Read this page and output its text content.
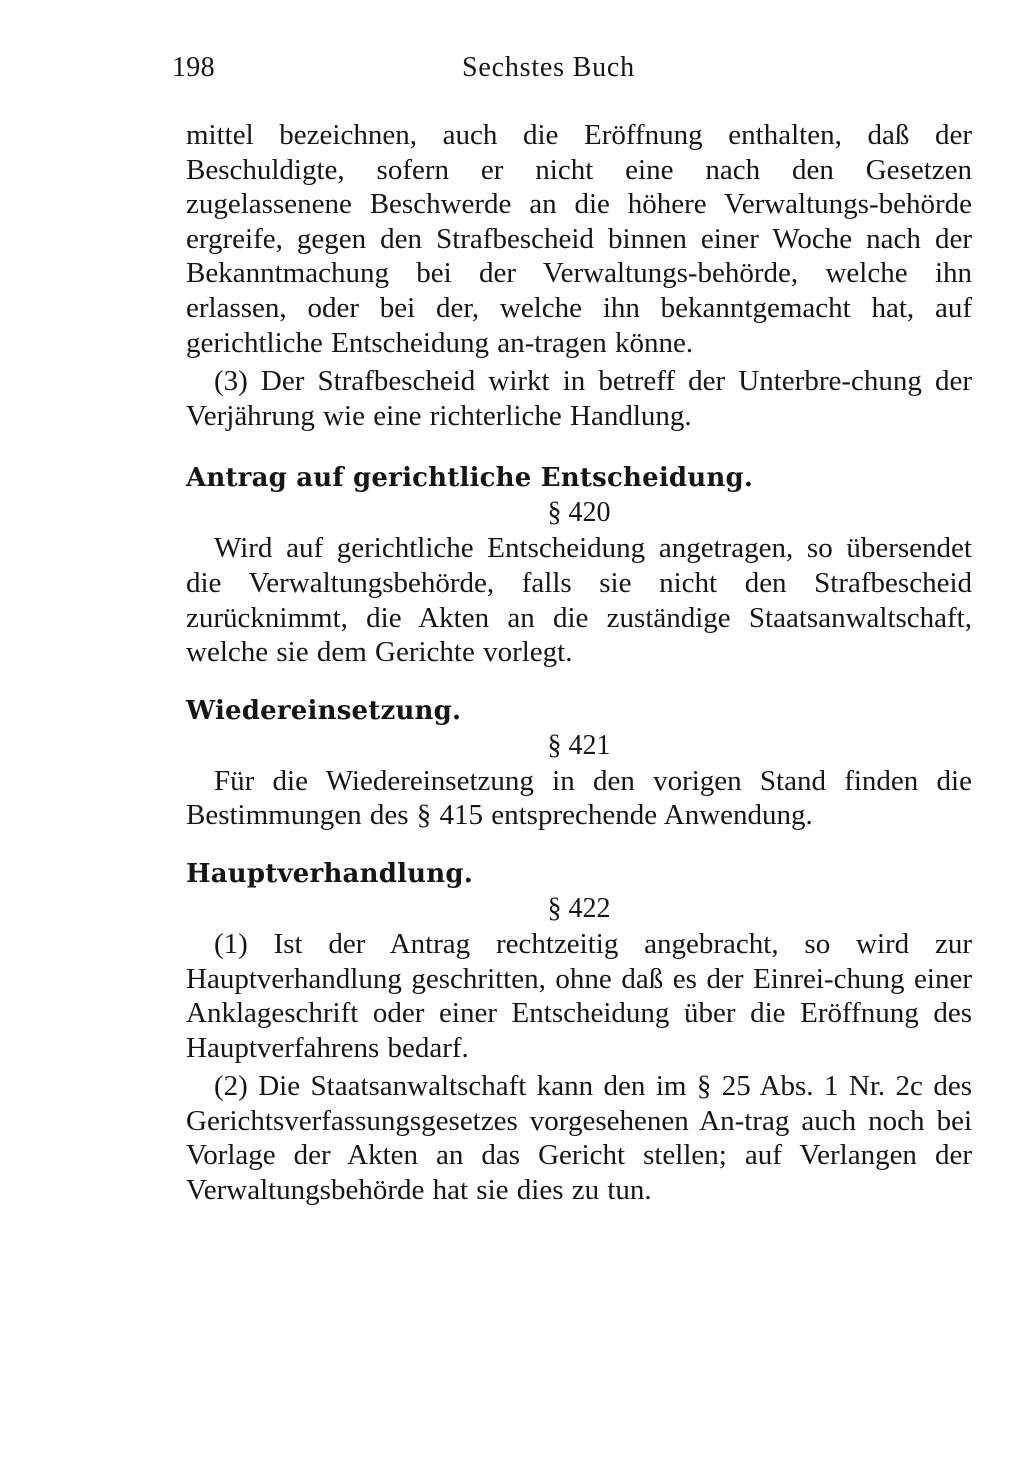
198	Sechstes Buch

mittel bezeichnen, auch die Eröffnung enthalten, daß der Beschuldigte, sofern er nicht eine nach den Gesetzen zugelassenene Beschwerde an die höhere Verwaltungs-behörde ergreife, gegen den Strafbescheid binnen einer Woche nach der Bekanntmachung bei der Verwaltungs-behörde, welche ihn erlassen, oder bei der, welche ihn bekanntgemacht hat, auf gerichtliche Entscheidung an-tragen könne.

(3) Der Strafbescheid wirkt in betreff der Unterbre-chung der Verjährung wie eine richterliche Handlung.

Antrag auf gerichtliche Entscheidung.

§ 420

Wird auf gerichtliche Entscheidung angetragen, so übersendet die Verwaltungsbehörde, falls sie nicht den Strafbescheid zurücknimmt, die Akten an die zuständige Staatsanwaltschaft, welche sie dem Gerichte vorlegt.

Wiedereinsetzung.

§ 421

Für die Wiedereinsetzung in den vorigen Stand finden die Bestimmungen des § 415 entsprechende Anwendung.

Hauptverhandlung.

§ 422

(1) Ist der Antrag rechtzeitig angebracht, so wird zur Hauptverhandlung geschritten, ohne daß es der Einrei-chung einer Anklageschrift oder einer Entscheidung über die Eröffnung des Hauptverfahrens bedarf.

(2) Die Staatsanwaltschaft kann den im § 25 Abs. 1 Nr. 2c des Gerichtsverfassungsgesetzes vorgesehenen An-trag auch noch bei Vorlage der Akten an das Gericht stellen; auf Verlangen der Verwaltungsbehörde hat sie dies zu tun.
